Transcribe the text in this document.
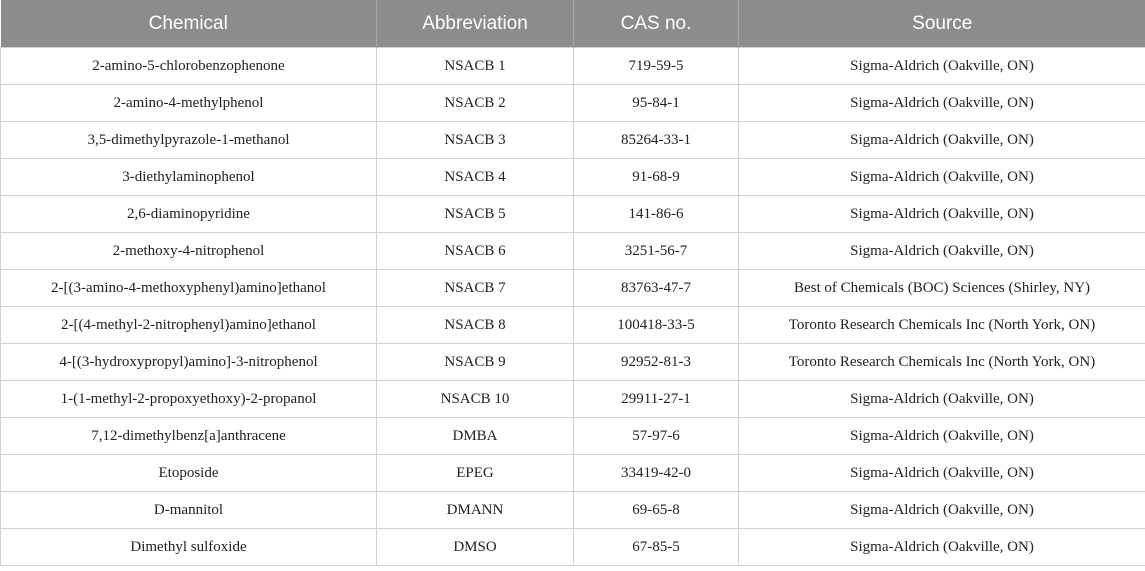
Chemical	Abbreviation	CAS no.	Source
2-amino-5-chlorobenzophenone	NSACB 1	719-59-5	Sigma-Aldrich (Oakville, ON)
2-amino-4-methylphenol	NSACB 2	95-84-1	Sigma-Aldrich (Oakville, ON)
3,5-dimethylpyrazole-1-methanol	NSACB 3	85264-33-1	Sigma-Aldrich (Oakville, ON)
3-diethylaminophenol	NSACB 4	91-68-9	Sigma-Aldrich (Oakville, ON)
2,6-diaminopyridine	NSACB 5	141-86-6	Sigma-Aldrich (Oakville, ON)
2-methoxy-4-nitrophenol	NSACB 6	3251-56-7	Sigma-Aldrich (Oakville, ON)
2-[(3-amino-4-methoxyphenyl)amino]ethanol	NSACB 7	83763-47-7	Best of Chemicals (BOC) Sciences (Shirley, NY)
2-[(4-methyl-2-nitrophenyl)amino]ethanol	NSACB 8	100418-33-5	Toronto Research Chemicals Inc (North York, ON)
4-[(3-hydroxypropyl)amino]-3-nitrophenol	NSACB 9	92952-81-3	Toronto Research Chemicals Inc (North York, ON)
1-(1-methyl-2-propoxyethoxy)-2-propanol	NSACB 10	29911-27-1	Sigma-Aldrich (Oakville, ON)
7,12-dimethylbenz[a]anthracene	DMBA	57-97-6	Sigma-Aldrich (Oakville, ON)
Etoposide	EPEG	33419-42-0	Sigma-Aldrich (Oakville, ON)
D-mannitol	DMANN	69-65-8	Sigma-Aldrich (Oakville, ON)
Dimethyl sulfoxide	DMSO	67-85-5	Sigma-Aldrich (Oakville, ON)
